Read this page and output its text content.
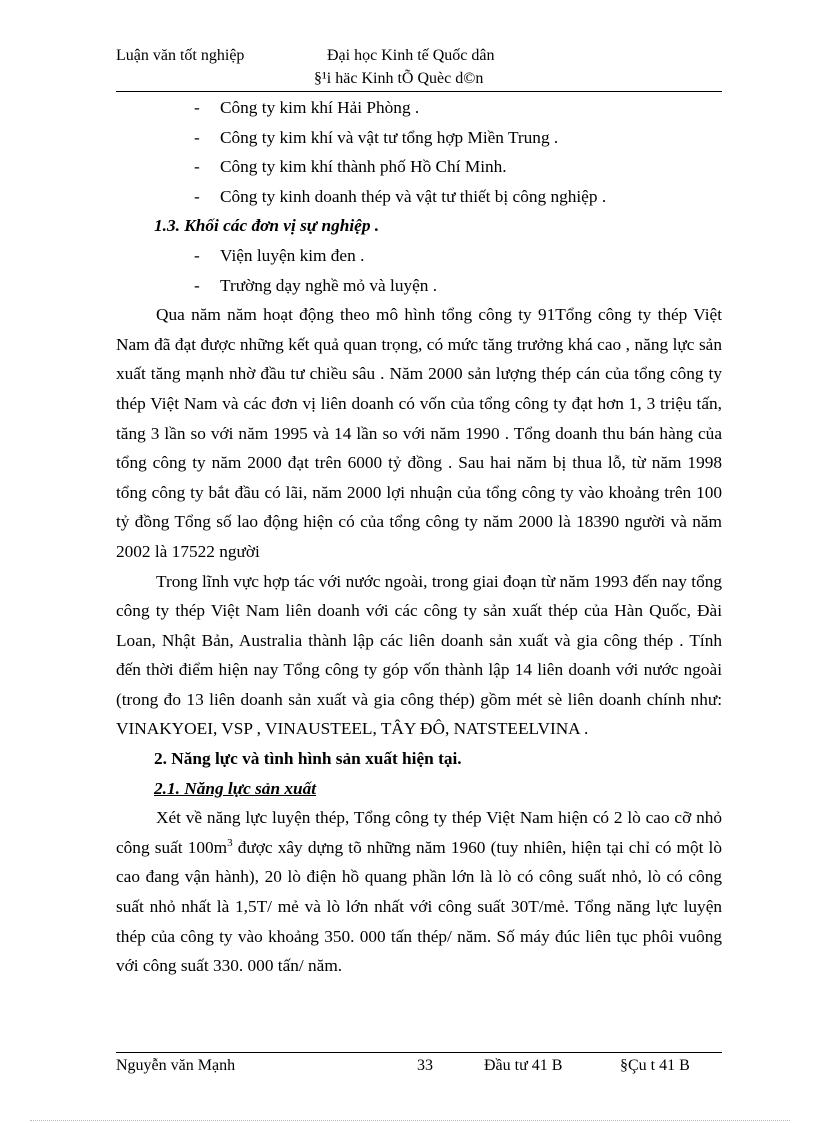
Luận văn tốt nghiệp	Đại học Kinh tế Quốc dân
§¹i häc Kinh tÕ Quèc d©n
- Công ty kim khí Hải Phòng .
- Công ty kim khí và vật tư tổng hợp Miền Trung .
- Công ty kim khí thành phố Hồ Chí Minh.
- Công ty kinh doanh thép và vật tư thiết bị công nghiệp .
1.3. Khối các đơn vị sự nghiệp .
- Viện luyện kim đen .
- Trường dạy nghề mỏ và luyện .

Qua năm năm hoạt động theo mô hình tổng công ty 91Tổng công ty thép Việt Nam đã đạt được những kết quả quan trọng, có mức tăng trưởng khá cao , năng lực sản xuất tăng mạnh nhờ đầu tư chiều sâu . Năm 2000 sản lượng thép cán của tổng công ty thép Việt Nam và các đơn vị liên doanh có vốn của tổng công ty đạt hơn 1, 3 triệu tấn, tăng 3 lần so với năm 1995 và 14 lần so với năm 1990 . Tổng doanh thu bán hàng của tổng công ty năm 2000 đạt trên 6000 tỷ đồng . Sau hai năm bị thua lỗ, từ năm 1998 tổng công ty bắt đầu có lãi, năm 2000 lợi nhuận của tổng công ty vào khoảng trên 100 tỷ đồng Tổng số lao động hiện có của tổng công ty năm 2000 là 18390 người và năm 2002 là 17522 người

Trong lĩnh vực hợp tác với nước ngoài, trong giai đoạn từ năm 1993 đến nay tổng công ty thép Việt Nam liên doanh với các công ty sản xuất thép của Hàn Quốc, Đài Loan, Nhật Bản, Australia thành lập các liên doanh sản xuất và gia công thép . Tính đến thời điểm hiện nay Tổng công ty góp vốn thành lập 14 liên doanh với nước ngoài (trong đo 13 liên doanh sản xuất và gia công thép) gồm mét sè liên doanh chính như: VINAKYOEI, VSP , VINAUSTEEL, TÂY ĐÔ, NATSTEELVINA .

2. Năng lực và tình hình sản xuất hiện tại.
2.1. Năng lực sản xuất

Xét về năng lực luyện thép, Tổng công ty thép Việt Nam hiện có 2 lò cao cỡ nhỏ công suất $100m^3$ được xây dựng tõ những năm 1960 (tuy nhiên, hiện tại chỉ có một lò cao đang vận hành), 20 lò điện hồ quang phần lớn là lò có công suất nhỏ, lò có công suất nhỏ nhất là 1,5T/ mẻ và lò lớn nhất với công suất 30T/mẻ. Tổng năng lực luyện thép của công ty vào khoảng 350. 000 tấn thép/ năm. Số máy đúc liên tục phôi vuông với công suất 330. 000 tấn/ năm.

Nguyễn văn Mạnh	33	Đầu tư 41 B	§Çu t 41 B
